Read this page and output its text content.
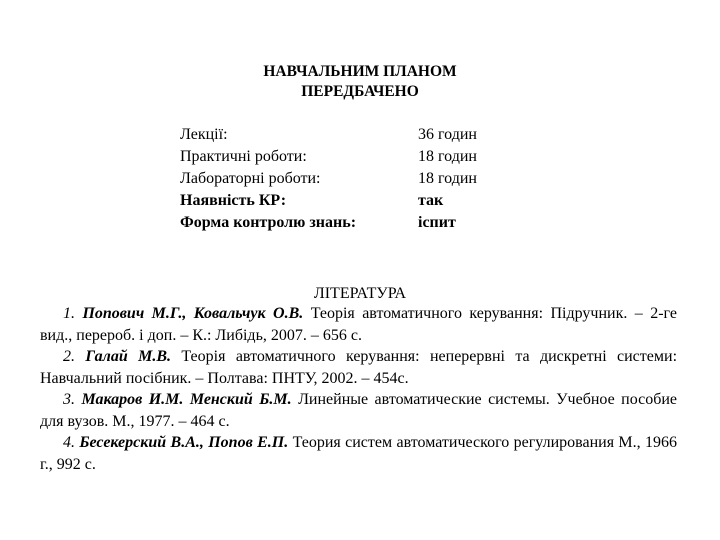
НАВЧАЛЬНИМ ПЛАНОМ
ПЕРЕДБАЧЕНО
Лекції:	36 годин
Практичні роботи:	18 годин
Лабораторні роботи:	18 годин
Наявність КР:	так
Форма контролю знань:	іспит
ЛІТЕРАТУРА

1. Попович М.Г., Ковальчук О.В. Теорія автоматичного керування: Підручник. – 2-ге вид., перероб. і доп. – К.: Либідь, 2007. – 656 с.

2. Галай М.В. Теорія автоматичного керування: неперервні та дискретні системи: Навчальний посібник. – Полтава: ПНТУ, 2002. – 454с.

3. Макаров И.М. Менский Б.М. Линейные автоматические системы. Учебное пособие для вузов. М., 1977. – 464 с.

4. Бесекерский В.А., Попов Е.П. Теория систем автоматического регулирования М., 1966 г., 992 с.
